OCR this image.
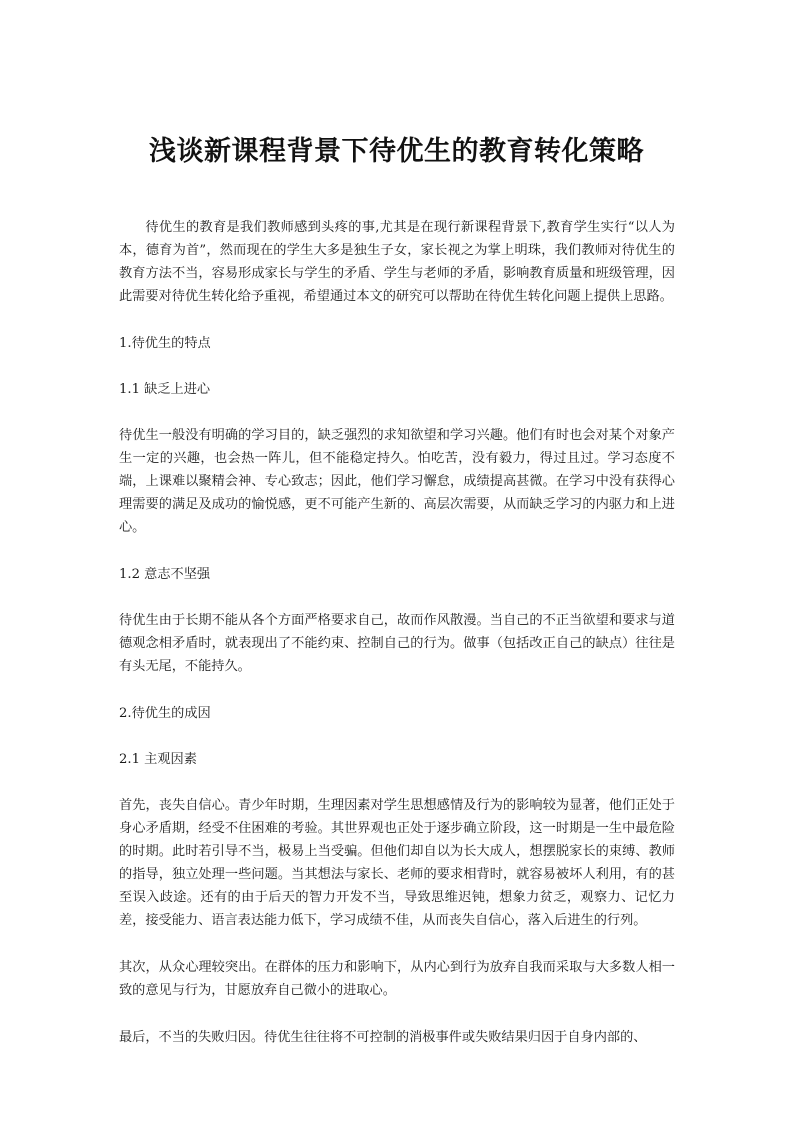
浅谈新课程背景下待优生的教育转化策略

待优生的教育是我们教师感到头疼的事,尤其是在现行新课程背景下,教育学生实行“以人为本，德育为首”，然而现在的学生大多是独生子女，家长视之为掌上明珠，我们教师对待优生的教育方法不当，容易形成家长与学生的矛盾、学生与老师的矛盾，影响教育质量和班级管理，因此需要对待优生转化给予重视，希望通过本文的研究可以帮助在待优生转化问题上提供上思路。

1.待优生的特点

1.1 缺乏上进心

待优生一般没有明确的学习目的，缺乏强烈的求知欲望和学习兴趣。他们有时也会对某个对象产生一定的兴趣，也会热一阵儿，但不能稳定持久。怕吃苦，没有毅力，得过且过。学习态度不端，上课难以聚精会神、专心致志；因此，他们学习懈怠，成绩提高甚微。在学习中没有获得心理需要的满足及成功的愉悦感，更不可能产生新的、高层次需要，从而缺乏学习的内驱力和上进心。

1.2 意志不坚强

待优生由于长期不能从各个方面严格要求自己，故而作风散漫。当自己的不正当欲望和要求与道德观念相矛盾时，就表现出了不能约束、控制自己的行为。做事（包括改正自己的缺点）往往是有头无尾，不能持久。

2.待优生的成因

2.1 主观因素

首先，丧失自信心。青少年时期，生理因素对学生思想感情及行为的影响较为显著，他们正处于身心矛盾期，经受不住困难的考验。其世界观也正处于逐步确立阶段，这一时期是一生中最危险的时期。此时若引导不当，极易上当受骗。但他们却自以为长大成人，想摆脱家长的束缚、教师的指导，独立处理一些问题。当其想法与家长、老师的要求相背时，就容易被坏人利用，有的甚至误入歧途。还有的由于后天的智力开发不当，导致思维迟钝，想象力贫乏，观察力、记忆力差，接受能力、语言表达能力低下，学习成绩不佳，从而丧失自信心，落入后进生的行列。

其次，从众心理较突出。在群体的压力和影响下，从内心到行为放弃自我而采取与大多数人相一致的意见与行为，甘愿放弃自己微小的进取心。

最后，不当的失败归因。待优生往往将不可控制的消极事件或失败结果归因于自身内部的、
